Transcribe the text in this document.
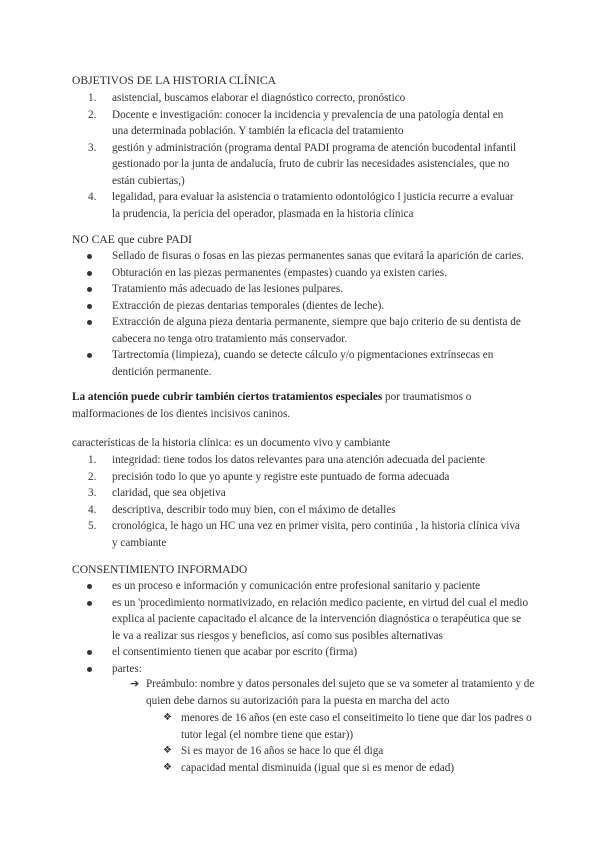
OBJETIVOS DE LA HISTORIA CLÍNICA

1.	asistencial, buscamos elaborar el diagnóstico correcto, pronóstico
2.	Docente e investigación: conocer la incidencia y prevalencia de una patología dental en una determinada población. Y también la eficacia del tratamiento
3.	gestión y administración (programa dental PADI programa de atención bucodental infantil gestionado por la junta de andalucía, fruto de cubrir las necesidades asistenciales, que no están cubiertas,)
4.	legalidad, para evaluar la asistencia o tratamiento odontológico l justicia recurre a evaluar la prudencia, la pericia del operador, plasmada en la historia clínica

NO CAE que cubre PADI

Sellado de fisuras o fosas en las piezas permanentes sanas que evitará la aparición de caries.
Obturación en las piezas permanentes (empastes) cuando ya existen caries.
Tratamiento más adecuado de las lesiones pulpares.
Extracción de piezas dentarias temporales (dientes de leche).
Extracción de alguna pieza dentaria permanente, siempre que bajo criterio de su dentista de cabecera no tenga otro tratamiento más conservador.
Tartrectomía (limpieza), cuando se detecte cálculo y/o pigmentaciones extrínsecas en dentición permanente.

La atención puede cubrir también ciertos tratamientos especiales por traumatismos o malformaciones de los dientes incisivos caninos.

características de la historia clínica: es un documento vivo y cambiante

1.	integridad: tiene todos los datos relevantes para una atención adecuada del paciente
2.	precisión todo lo que yo apunte y registre este puntuado de forma adecuada
3.	claridad, que sea objetiva
4.	descriptiva, describir todo muy bien, con el máximo de detalles
5.	cronológica, le hago un HC una vez en primer visita, pero continúa , la historia clínica viva y cambiante

CONSENTIMIENTO INFORMADO

es un proceso e información y comunicación entre profesional sanitario y paciente
es un 'procedimiento normativizado, en relación medico paciente, en virtud del cual el medio explica al paciente capacitado el alcance de la intervención diagnóstica o terapéutica que se le va a realizar sus riesgos y beneficios, así como sus posibles alternativas
el consentimiento tienen que acabar por escrito (firma)
partes:
➔ Preámbulo: nombre y datos personales del sujeto que se va someter al tratamiento y de quien debe darnos su autorización para la puesta en marcha del acto
❖ menores de 16 años (en este caso el conseitimeito lo tiene que dar los padres o tutor legal (el nombre tiene que estar))
❖ Si es mayor de 16 años se hace lo que él diga
❖ capacidad mental disminuida (igual que si es menor de edad)
